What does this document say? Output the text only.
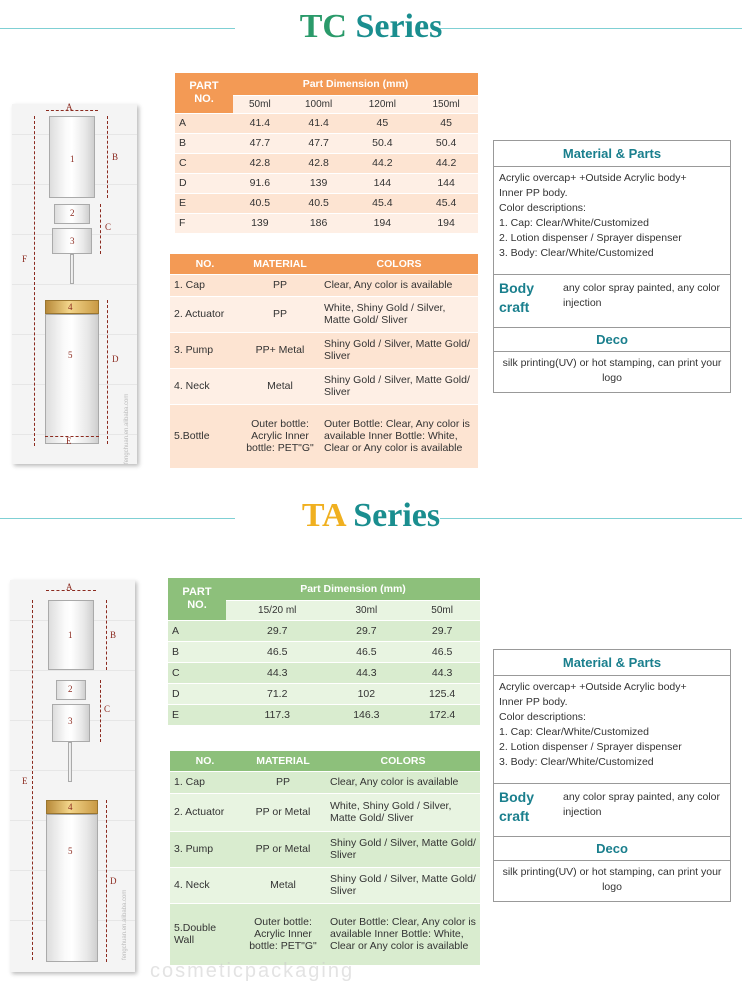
TC Series
A
1	B
2
3
C
F
4
5	D
E	fengchuan.en.alibaba.com
PART NO.	Part Dimension (mm)			
	50ml	100ml	120ml	150ml
A	41.4	41.4	45	45
B	47.7	47.7	50.4	50.4
C	42.8	42.8	44.2	44.2
D	91.6	139	144	144
E	40.5	40.5	45.4	45.4
F	139	186	194	194
NO.	MATERIAL	COLORS
1. Cap	PP	Clear, Any color is available
2. Actuator	PP	White, Shiny Gold / Silver, Matte Gold/ Sliver
3. Pump	PP+ Metal	Shiny Gold / Silver, Matte Gold/ Sliver
4. Neck	Metal	Shiny Gold / Silver, Matte Gold/ Sliver
5.Bottle	Outer bottle: Acrylic Inner bottle: PET"G"	Outer Bottle: Clear, Any color is available Inner Bottle: White, Clear or Any color is available
Material & Parts
Acrylic overcap+ +Outside Acrylic body+
Inner PP body.
Color descriptions:
1. Cap: Clear/White/Customized
2. Lotion dispenser / Sprayer dispenser
3. Body: Clear/White/Customized
Body craft
any color spray painted, any color injection
Deco
silk printing(UV) or hot stamping, can print your logo
TA Series
A
1	B
2
3
C
E
4
5
D
fengchuan.en.alibaba.com
PART NO.	Part Dimension (mm)		
	15/20 ml	30ml	50ml
A	29.7	29.7	29.7
B	46.5	46.5	46.5
C	44.3	44.3	44.3
D	71.2	102	125.4
E	117.3	146.3	172.4
NO.	MATERIAL	COLORS
1. Cap	PP	Clear, Any color is available
2. Actuator	PP or Metal	White, Shiny Gold / Silver, Matte Gold/ Sliver
3. Pump	PP or Metal	Shiny Gold / Silver, Matte Gold/ Sliver
4. Neck	Metal	Shiny Gold / Silver, Matte Gold/ Sliver
5.Double Wall	Outer bottle: Acrylic Inner bottle: PET"G"	Outer Bottle: Clear, Any color is available Inner Bottle: White, Clear or Any color is available
Material & Parts
Acrylic overcap+ +Outside Acrylic body+
Inner PP body.
Color descriptions:
1. Cap: Clear/White/Customized
2. Lotion dispenser / Sprayer dispenser
3. Body: Clear/White/Customized
Body craft
any color spray painted, any color injection
Deco
silk printing(UV) or hot stamping, can print your logo
cosmeticpackaging
